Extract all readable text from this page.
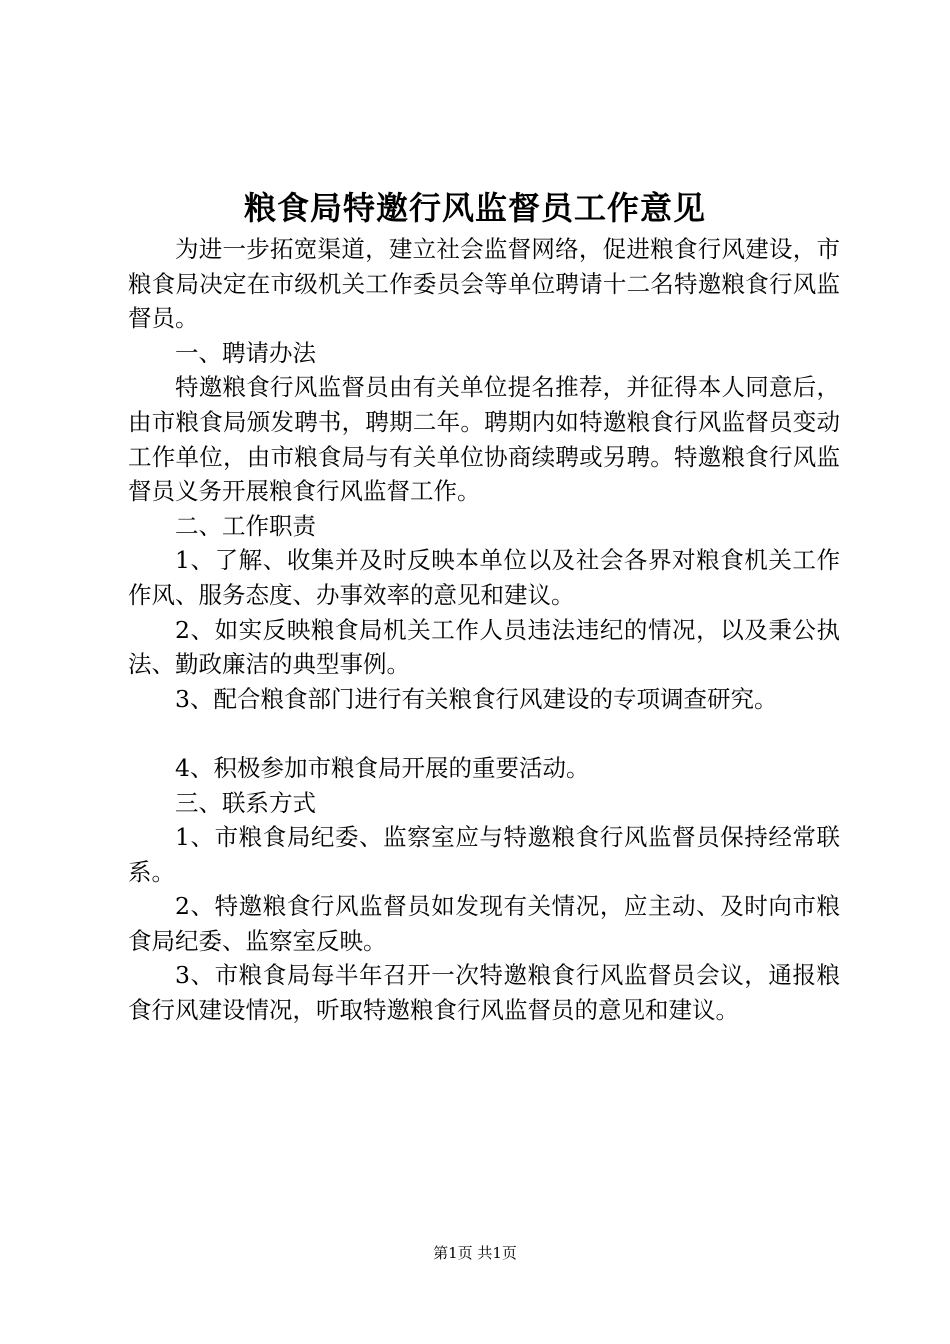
粮食局特邀行风监督员工作意见

为进一步拓宽渠道，建立社会监督网络，促进粮食行风建设，市粮食局决定在市级机关工作委员会等单位聘请十二名特邀粮食行风监督员。

一、聘请办法

特邀粮食行风监督员由有关单位提名推荐，并征得本人同意后，由市粮食局颁发聘书，聘期二年。聘期内如特邀粮食行风监督员变动工作单位，由市粮食局与有关单位协商续聘或另聘。特邀粮食行风监督员义务开展粮食行风监督工作。

二、工作职责

1、了解、收集并及时反映本单位以及社会各界对粮食机关工作作风、服务态度、办事效率的意见和建议。

2、如实反映粮食局机关工作人员违法违纪的情况，以及秉公执法、勤政廉洁的典型事例。

3、配合粮食部门进行有关粮食行风建设的专项调查研究。

4、积极参加市粮食局开展的重要活动。

三、联系方式

1、市粮食局纪委、监察室应与特邀粮食行风监督员保持经常联系。

2、特邀粮食行风监督员如发现有关情况，应主动、及时向市粮食局纪委、监察室反映。

3、市粮食局每半年召开一次特邀粮食行风监督员会议，通报粮食行风建设情况，听取特邀粮食行风监督员的意见和建议。

第1页 共1页
